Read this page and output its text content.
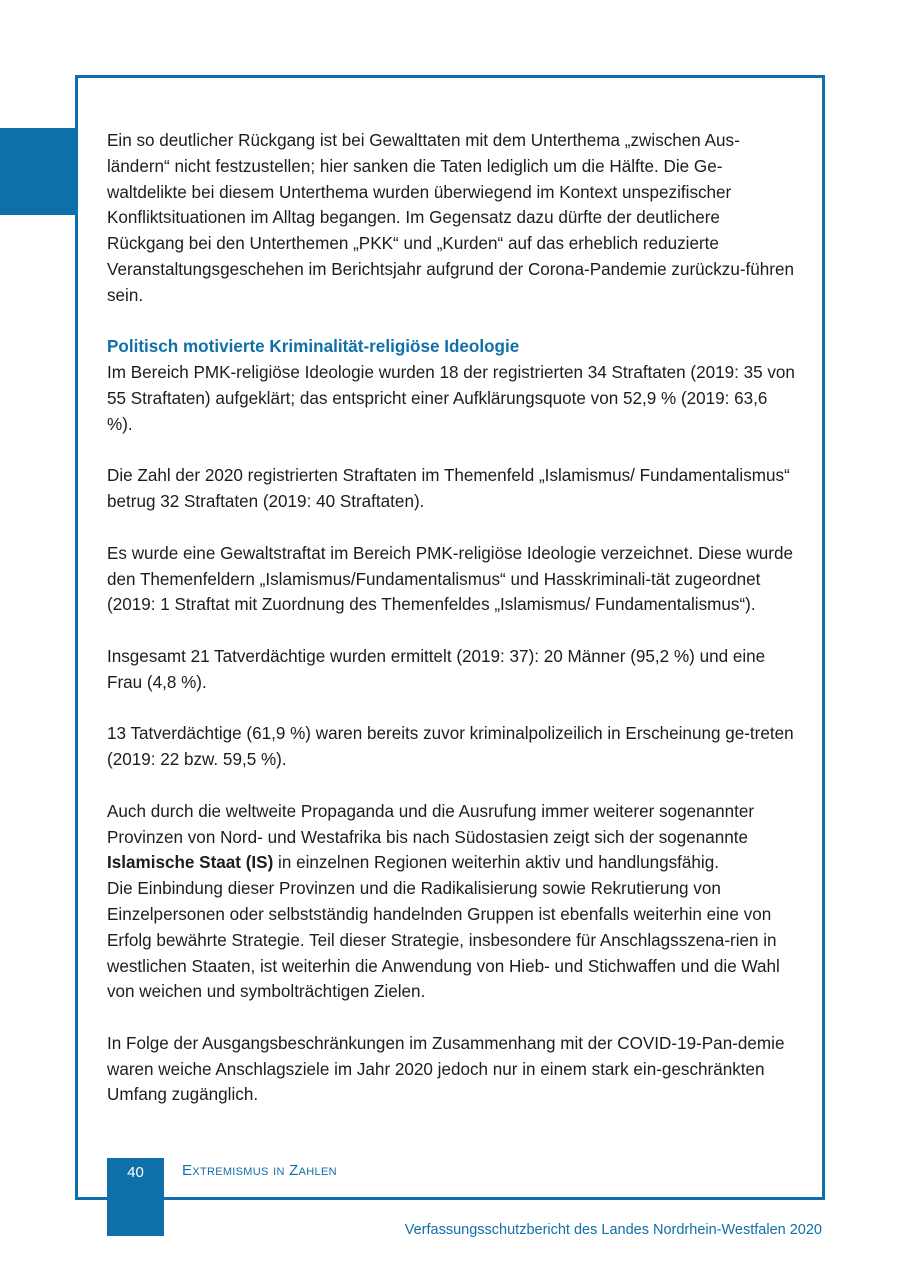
Ein so deutlicher Rückgang ist bei Gewalttaten mit dem Unterthema „zwischen Aus-ländern“ nicht festzustellen; hier sanken die Taten lediglich um die Hälfte. Die Ge-waltdelikte bei diesem Unterthema wurden überwiegend im Kontext unspezifischer Konfliktsituationen im Alltag begangen. Im Gegensatz dazu dürfte der deutlichere Rückgang bei den Unterthemen „PKK“ und „Kurden“ auf das erheblich reduzierte Veranstaltungsgeschehen im Berichtsjahr aufgrund der Corona-Pandemie zurückzu-führen sein.

Politisch motivierte Kriminalität-religiöse Ideologie

Im Bereich PMK-religiöse Ideologie wurden 18 der registrierten 34 Straftaten (2019: 35 von 55 Straftaten) aufgeklärt; das entspricht einer Aufklärungsquote von 52,9 % (2019: 63,6 %).

Die Zahl der 2020 registrierten Straftaten im Themenfeld „Islamismus/ Fundamentalismus“ betrug 32 Straftaten (2019: 40 Straftaten).

Es wurde eine Gewaltstraftat im Bereich PMK-religiöse Ideologie verzeichnet. Diese wurde den Themenfeldern „Islamismus/Fundamentalismus“ und Hasskriminali-tät zugeordnet (2019: 1 Straftat mit Zuordnung des Themenfeldes „Islamismus/ Fundamentalismus“).

Insgesamt 21 Tatverdächtige wurden ermittelt (2019: 37): 20 Männer (95,2 %) und eine Frau (4,8 %).

13 Tatverdächtige (61,9 %) waren bereits zuvor kriminalpolizeilich in Erscheinung ge-treten (2019: 22 bzw. 59,5 %).

Auch durch die weltweite Propaganda und die Ausrufung immer weiterer sogenannter Provinzen von Nord- und Westafrika bis nach Südostasien zeigt sich der sogenannte Islamische Staat (IS) in einzelnen Regionen weiterhin aktiv und handlungsfähig.
Die Einbindung dieser Provinzen und die Radikalisierung sowie Rekrutierung von Einzelpersonen oder selbstständig handelnden Gruppen ist ebenfalls weiterhin eine von Erfolg bewährte Strategie. Teil dieser Strategie, insbesondere für Anschlagsszena-rien in westlichen Staaten, ist weiterhin die Anwendung von Hieb- und Stichwaffen und die Wahl von weichen und symbolträchtigen Zielen.

In Folge der Ausgangsbeschränkungen im Zusammenhang mit der COVID-19-Pan-demie waren weiche Anschlagsziele im Jahr 2020 jedoch nur in einem stark ein-geschränkten Umfang zugänglich.

40	Extremismus in Zahlen
Verfassungsschutzbericht des Landes Nordrhein-Westfalen 2020
